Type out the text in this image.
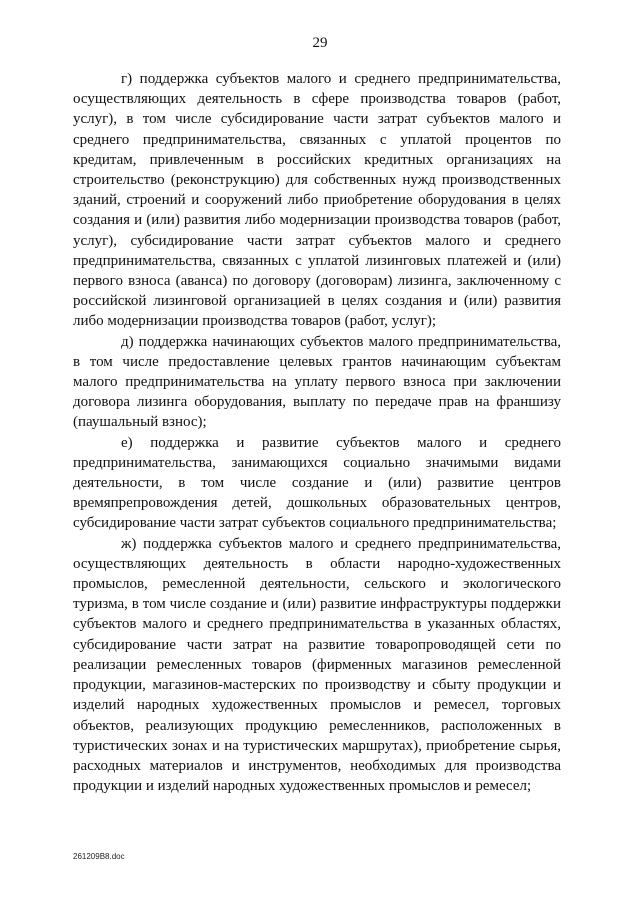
29

г) поддержка субъектов малого и среднего предпринимательства, осуществляющих деятельность в сфере производства товаров (работ, услуг), в том числе субсидирование части затрат субъектов малого и среднего предпринимательства, связанных с уплатой процентов по кредитам, привлеченным в российских кредитных организациях на строительство (реконструкцию) для собственных нужд производственных зданий, строений и сооружений либо приобретение оборудования в целях создания и (или) развития либо модернизации производства товаров (работ, услуг), субсидирование части затрат субъектов малого и среднего предпринимательства, связанных с уплатой лизинговых платежей и (или) первого взноса (аванса) по договору (договорам) лизинга, заключенному с российской лизинговой организацией в целях создания и (или) развития либо модернизации производства товаров (работ, услуг);

д) поддержка начинающих субъектов малого предпринимательства, в том числе предоставление целевых грантов начинающим субъектам малого предпринимательства на уплату первого взноса при заключении договора лизинга оборудования, выплату по передаче прав на франшизу (паушальный взнос);

е) поддержка и развитие субъектов малого и среднего предпринимательства, занимающихся социально значимыми видами деятельности, в том числе создание и (или) развитие центров времяпрепровождения детей, дошкольных образовательных центров, субсидирование части затрат субъектов социального предпринимательства;

ж) поддержка субъектов малого и среднего предпринимательства, осуществляющих деятельность в области народно-художественных промыслов, ремесленной деятельности, сельского и экологического туризма, в том числе создание и (или) развитие инфраструктуры поддержки субъектов малого и среднего предпринимательства в указанных областях, субсидирование части затрат на развитие товаропроводящей сети по реализации ремесленных товаров (фирменных магазинов ремесленной продукции, магазинов-мастерских по производству и сбыту продукции и изделий народных художественных промыслов и ремесел, торговых объектов, реализующих продукцию ремесленников, расположенных в туристических зонах и на туристических маршрутах), приобретение сырья, расходных материалов и инструментов, необходимых для производства продукции и изделий народных художественных промыслов и ремесел;

261209B8.doc
